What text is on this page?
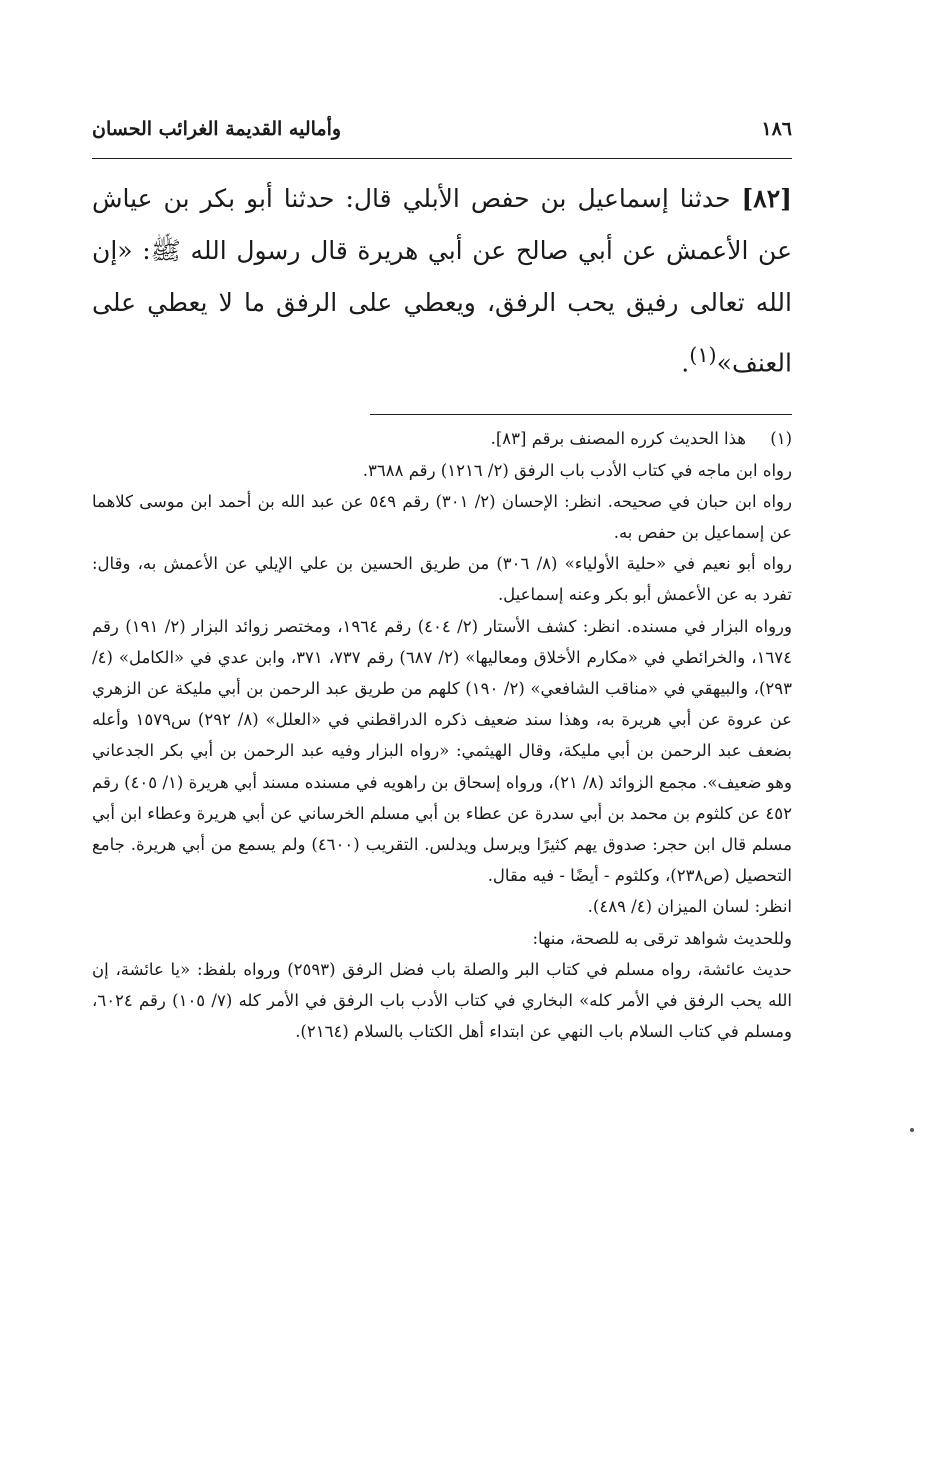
١٨٦
وأماليه القديمة الغرائب الحسان

[٨٢] حدثنا إسماعيل بن حفص الأبلي قال: حدثنا أبو بكر بن عياش عن الأعمش عن أبي صالح عن أبي هريرة قال رسول الله ﷺ: «إن الله تعالى رفيق يحب الرفق، ويعطي على الرفق ما لا يعطي على العنف»$^{(١)}$.

(١)
هذا الحديث كرره المصنف برقم [٨٣].

رواه ابن ماجه في كتاب الأدب باب الرفق (٢/ ١٢١٦) رقم ٣٦٨٨.

رواه ابن حبان في صحيحه. انظر: الإحسان (٢/ ٣٠١) رقم ٥٤٩ عن عبد الله بن أحمد ابن موسى كلاهما عن إسماعيل بن حفص به.

رواه أبو نعيم في «حلية الأولياء» (٨/ ٣٠٦) من طريق الحسين بن علي الإيلي عن الأعمش به، وقال: تفرد به عن الأعمش أبو بكر وعنه إسماعيل.

ورواه البزار في مسنده. انظر: كشف الأستار (٢/ ٤٠٤) رقم ١٩٦٤، ومختصر زوائد البزار (٢/ ١٩١) رقم ١٦٧٤، والخرائطي في «مكارم الأخلاق ومعاليها» (٢/ ٦٨٧) رقم ٧٣٧، ٣٧١، وابن عدي في «الكامل» (٤/ ٢٩٣)، والبيهقي في «مناقب الشافعي» (٢/ ١٩٠) كلهم من طريق عبد الرحمن بن أبي مليكة عن الزهري عن عروة عن أبي هريرة به، وهذا سند ضعيف ذكره الدراقطني في «العلل» (٨/ ٢٩٢) س١٥٧٩ وأعله بضعف عبد الرحمن بن أبي مليكة، وقال الهيثمي: «رواه البزار وفيه عبد الرحمن بن أبي بكر الجدعاني وهو ضعيف». مجمع الزوائد (٨/ ٢١)، ورواه إسحاق بن راهويه في مسنده مسند أبي هريرة (١/ ٤٠٥) رقم ٤٥٢ عن كلثوم بن محمد بن أبي سدرة عن عطاء بن أبي مسلم الخرساني عن أبي هريرة وعطاء ابن أبي مسلم قال ابن حجر: صدوق يهم كثيرًا ويرسل ويدلس. التقريب (٤٦٠٠) ولم يسمع من أبي هريرة. جامع التحصيل (ص٢٣٨)، وكلثوم - أيضًا - فيه مقال.

انظر: لسان الميزان (٤/ ٤٨٩).

وللحديث شواهد ترقى به للصحة، منها:

حديث عائشة، رواه مسلم في كتاب البر والصلة باب فضل الرفق (٢٥٩٣) ورواه بلفظ: «يا عائشة، إن الله يحب الرفق في الأمر كله» البخاري في كتاب الأدب باب الرفق في الأمر كله (٧/ ١٠٥) رقم ٦٠٢٤، ومسلم في كتاب السلام باب النهي عن ابتداء أهل الكتاب بالسلام (٢١٦٤).
